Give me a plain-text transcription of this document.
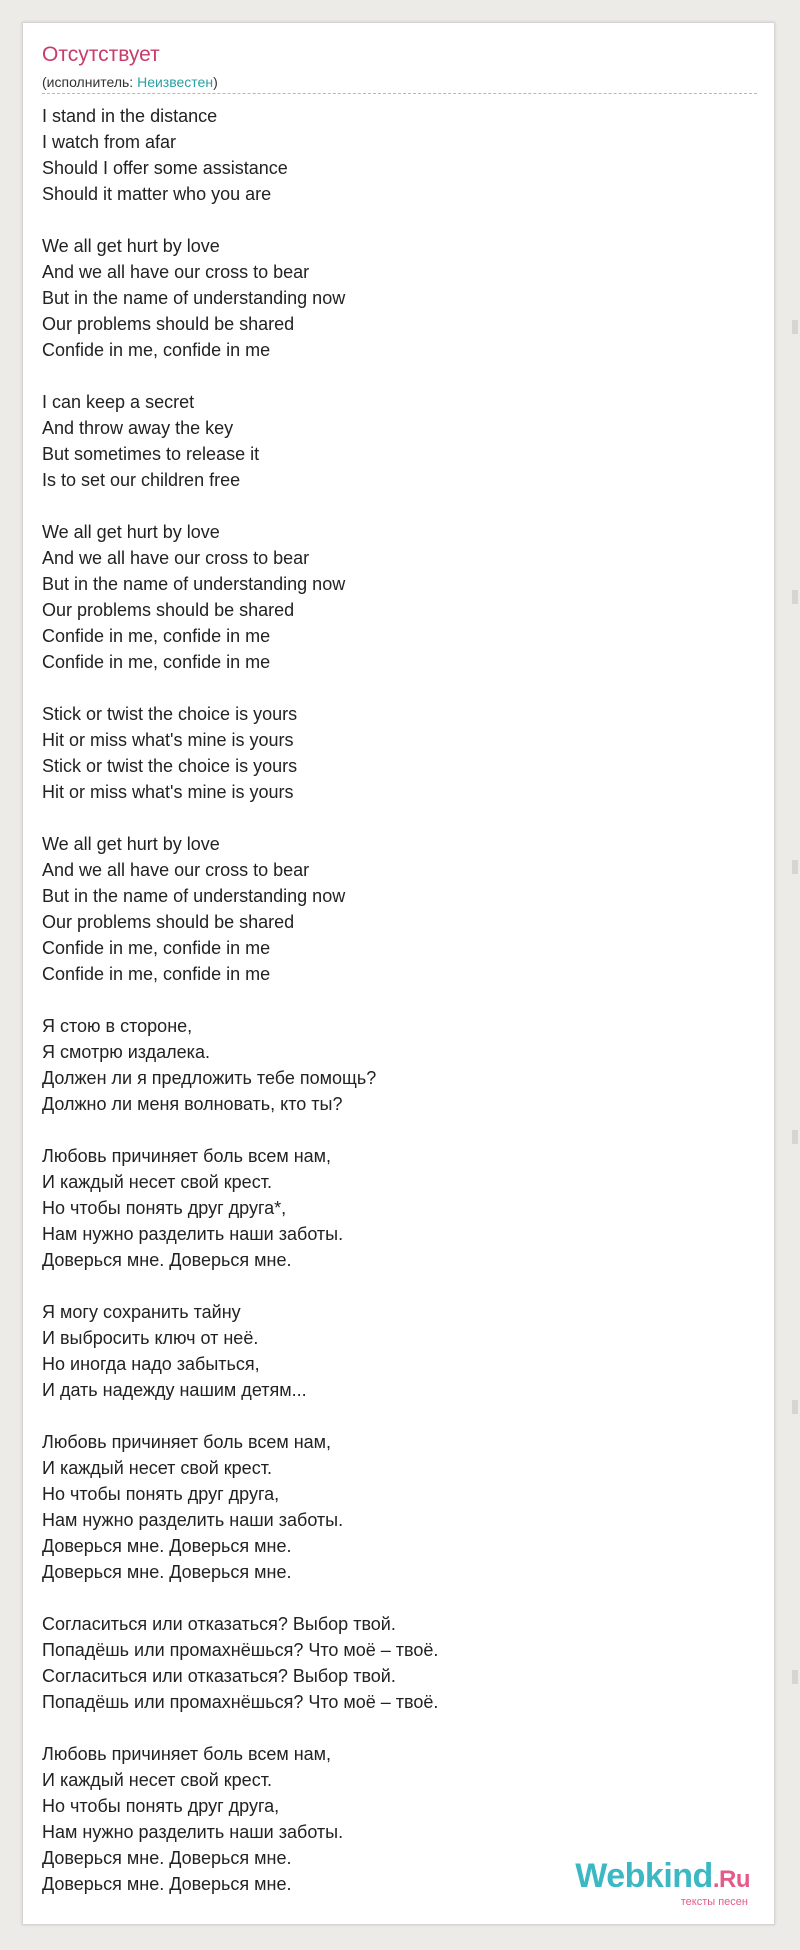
Отсутствует
(исполнитель: Неизвестен)
I stand in the distance
I watch from afar
Should I offer some assistance
Should it matter who you are
We all get hurt by love
And we all have our cross to bear
But in the name of understanding now
Our problems should be shared
Confide in me, confide in me
I can keep a secret
And throw away the key
But sometimes to release it
Is to set our children free
We all get hurt by love
And we all have our cross to bear
But in the name of understanding now
Our problems should be shared
Confide in me, confide in me
Confide in me, confide in me
Stick or twist the choice is yours
Hit or miss what's mine is yours
Stick or twist the choice is yours
Hit or miss what's mine is yours
We all get hurt by love
And we all have our cross to bear
But in the name of understanding now
Our problems should be shared
Confide in me, confide in me
Confide in me, confide in me
Я стою в стороне,
Я смотрю издалека.
Должен ли я предложить тебе помощь?
Должно ли меня волновать, кто ты?
Любовь причиняет боль всем нам,
И каждый несет свой крест.
Но чтобы понять друг друга*,
Нам нужно разделить наши заботы.
Доверься мне. Доверься мне.
Я могу сохранить тайну
И выбросить ключ от неё.
Но иногда надо забыться,
И дать надежду нашим детям...
Любовь причиняет боль всем нам,
И каждый несет свой крест.
Но чтобы понять друг друга,
Нам нужно разделить наши заботы.
Доверься мне. Доверься мне.
Доверься мне. Доверься мне.
Согласиться или отказаться? Выбор твой.
Попадёшь или промахнёшься? Что моё – твоё.
Согласиться или отказаться? Выбор твой.
Попадёшь или промахнёшься? Что моё – твоё.
Любовь причиняет боль всем нам,
И каждый несет свой крест.
Но чтобы понять друг друга,
Нам нужно разделить наши заботы.
Доверься мне. Доверься мне.
Доверься мне. Доверься мне.	Webkind.Ru
тексты песен
